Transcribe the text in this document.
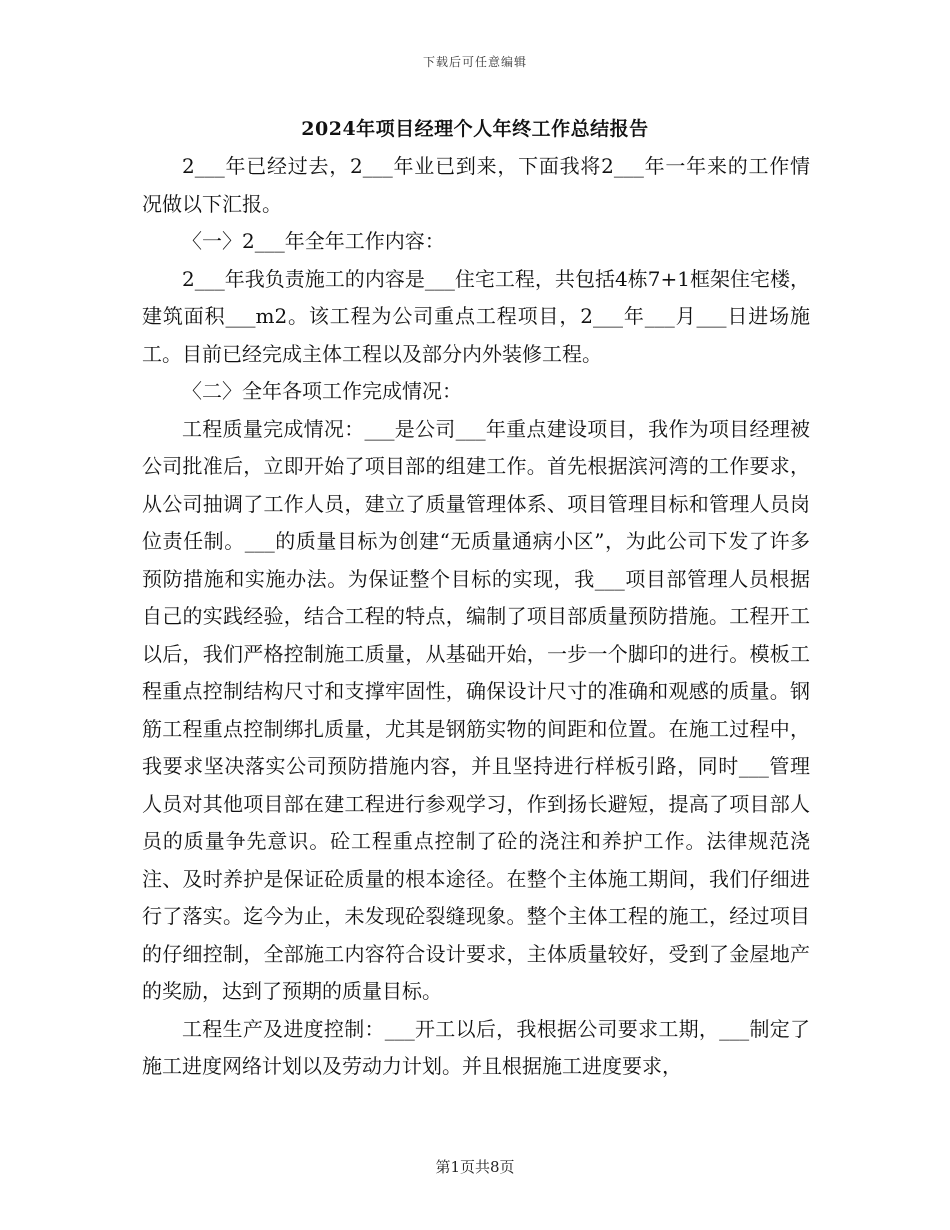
下载后可任意编辑
2024年项目经理个人年终工作总结报告

2___年已经过去，2___年业已到来，下面我将2___年一年来的工作情况做以下汇报。

〈一〉2___年全年工作内容：

2___年我负责施工的内容是___住宅工程，共包括4栋7+1框架住宅楼，建筑面积___m2。该工程为公司重点工程项目，2___年___月___日进场施工。目前已经完成主体工程以及部分内外装修工程。

〈二〉全年各项工作完成情况：

工程质量完成情况：___是公司___年重点建设项目，我作为项目经理被公司批准后，立即开始了项目部的组建工作。首先根据滨河湾的工作要求，从公司抽调了工作人员，建立了质量管理体系、项目管理目标和管理人员岗位责任制。___的质量目标为创建“无质量通病小区”，为此公司下发了许多预防措施和实施办法。为保证整个目标的实现，我___项目部管理人员根据自己的实践经验，结合工程的特点，编制了项目部质量预防措施。工程开工以后，我们严格控制施工质量，从基础开始，一步一个脚印的进行。模板工程重点控制结构尺寸和支撑牢固性，确保设计尺寸的准确和观感的质量。钢筋工程重点控制绑扎质量，尤其是钢筋实物的间距和位置。在施工过程中，我要求坚决落实公司预防措施内容，并且坚持进行样板引路，同时___管理人员对其他项目部在建工程进行参观学习，作到扬长避短，提高了项目部人员的质量争先意识。砼工程重点控制了砼的浇注和养护工作。法律规范浇注、及时养护是保证砼质量的根本途径。在整个主体施工期间，我们仔细进行了落实。迄今为止，未发现砼裂缝现象。整个主体工程的施工，经过项目的仔细控制，全部施工内容符合设计要求，主体质量较好，受到了金屋地产的奖励，达到了预期的质量目标。

工程生产及进度控制：___开工以后，我根据公司要求工期，___制定了施工进度网络计划以及劳动力计划。并且根据施工进度要求，

第1页共8页
